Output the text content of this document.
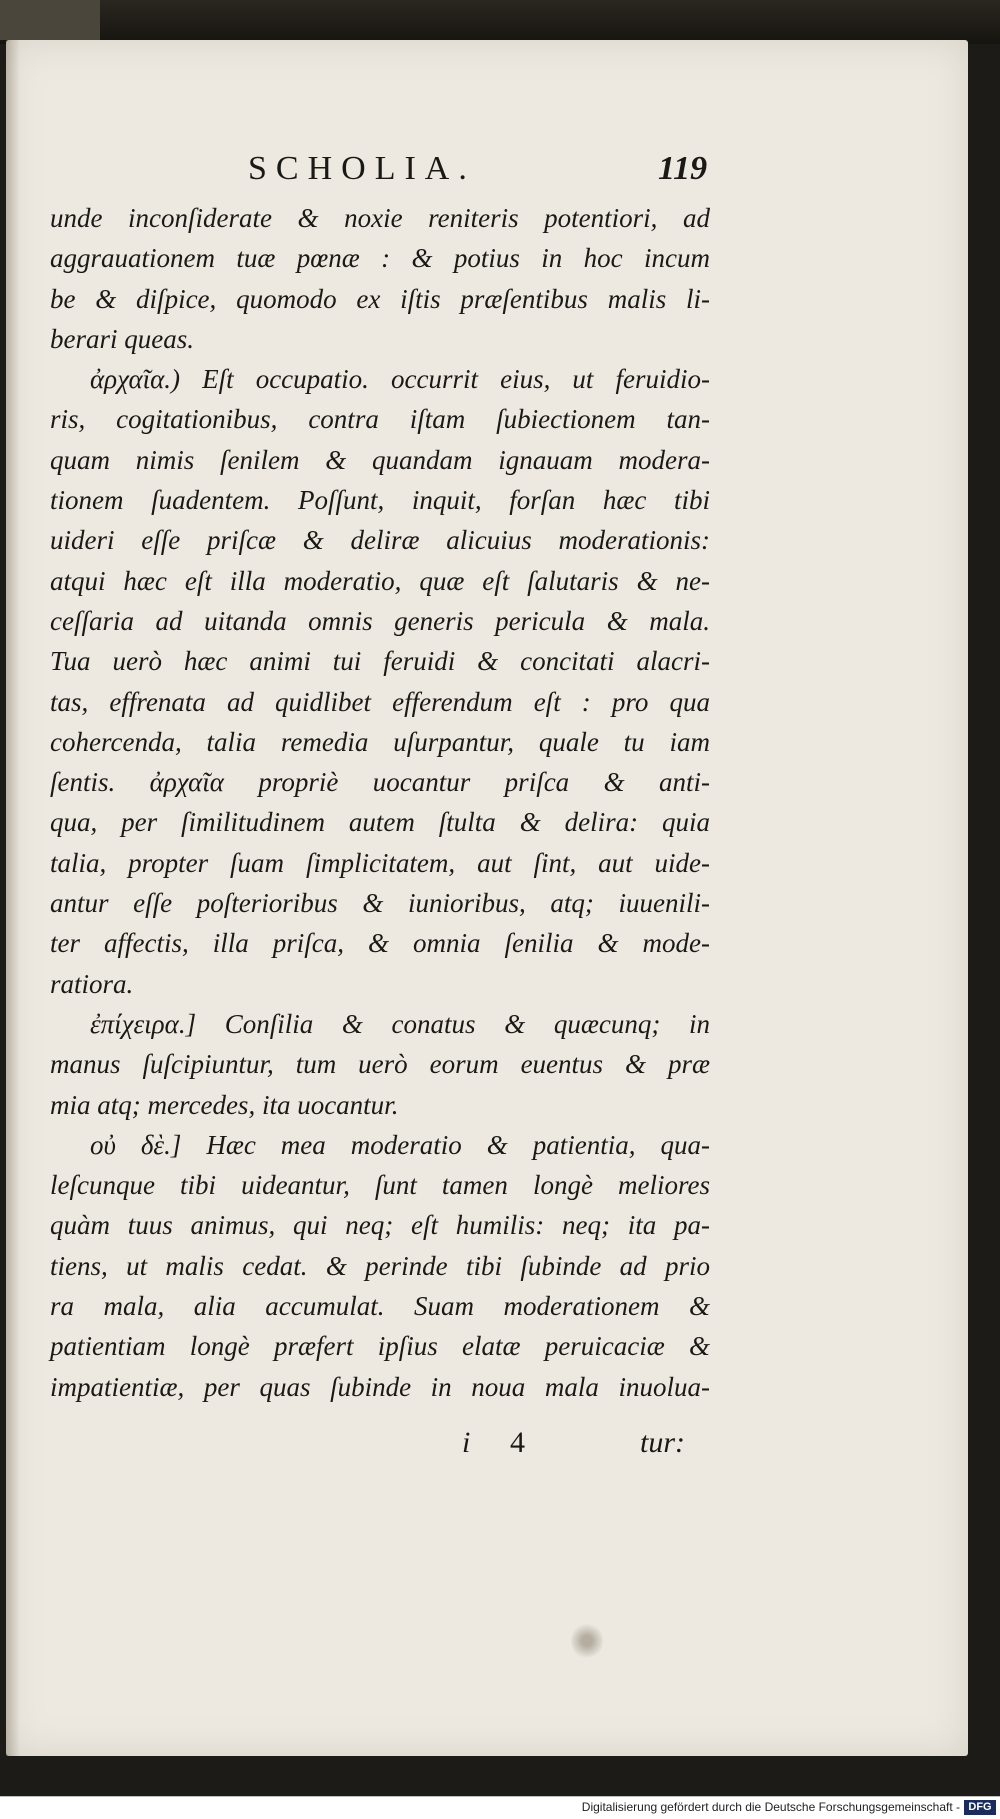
SCHOLIA.	119
unde inconſiderate & noxie reniteris potentiori, ad
aggrauationem tuæ pœnæ : & potius in hoc incum
be & diſpice, quomodo ex iſtis præſentibus malis li-
berari queas.
ἀρχαῖα.) Eſt occupatio. occurrit eius, ut feruidio-
ris, cogitationibus, contra iſtam ſubiectionem tan-
quam nimis ſenilem & quandam ignauam modera-
tionem ſuadentem. Poſſunt, inquit, forſan hæc tibi
uideri eſſe priſcæ & deliræ alicuius moderationis:
atqui hæc eſt illa moderatio, quæ eſt ſalutaris & ne-
ceſſaria ad uitanda omnis generis pericula & mala.
Tua uerò hæc animi tui feruidi & concitati alacri-
tas, effrenata ad quidlibet efferendum eſt : pro qua
cohercenda, talia remedia uſurpantur, quale tu iam
ſentis. ἀρχαῖα propriè uocantur priſca & anti-
qua, per ſimilitudinem autem ſtulta & delira: quia
talia, propter ſuam ſimplicitatem, aut ſint, aut uide-
antur eſſe poſterioribus & iunioribus, atq; iuuenili-
ter affectis, illa priſca, & omnia ſenilia & mode-
ratiora.
ἐπίχειρα.] Conſilia & conatus & quæcunq; in
manus ſuſcipiuntur, tum uerò eorum euentus & præ
mia atq; mercedes, ita uocantur.
οὐ δὲ.] Hæc mea moderatio & patientia, qua-
leſcunque tibi uideantur, ſunt tamen longè meliores
quàm tuus animus, qui neq; eſt humilis: neq; ita pa-
tiens, ut malis cedat. & perinde tibi ſubinde ad prio
ra mala, alia accumulat. Suam moderationem &
patientiam longè præfert ipſius elatæ peruicaciæ &
impatientiæ, per quas ſubinde in noua mala inuolua-
i 4	tur:
Digitalisierung gefördert durch die Deutsche Forschungsgemeinschaft - DFG
